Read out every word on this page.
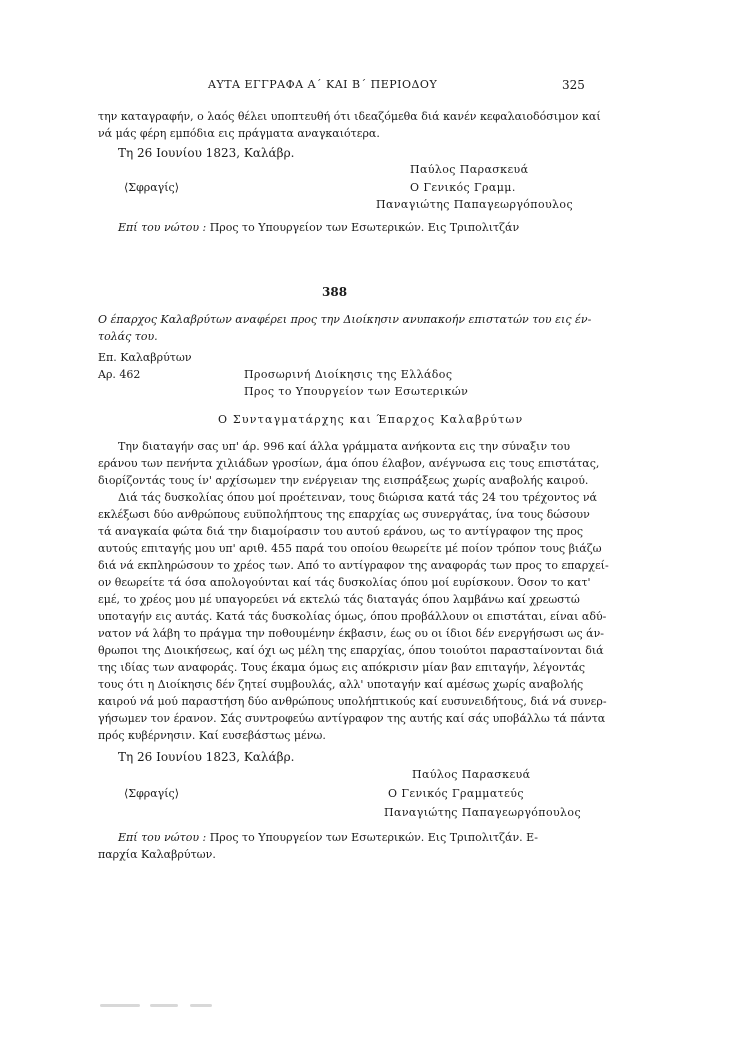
ΑΥΤΑ ΕΓΓΡΑΦΑ Α΄ ΚΑΙ Β΄ ΠΕΡΙΟΔΟΥ	325
την καταγραφήν, ο λαός θέλει υποπτευθή ότι ιδεαζόμεθα διά κανέν κεφαλαιοδόσιμον καί
νά μάς φέρη εμπόδια εις πράγματα αναγκαιότερα.
Τη 26 Ιουνίου 1823, Καλάβρ.
Παύλος Παρασκευά
⟨Σφραγίς⟩	Ο Γενικός Γραμμ.
Παναγιώτης Παπαγεωργόπουλος
Επί του νώτου : Προς το Υπουργείον των Εσωτερικών. Εις Τριπολιτζάν
388
Ο έπαρχος Καλαβρύτων αναφέρει προς την Διοίκησιν ανυπακοήν επιστατών του εις έν-
τολάς του.
Επ. Καλαβρύτων
Αρ. 462	Προσωρινή Διοίκησις της Ελλάδος
Προς το Υπουργείον των Εσωτερικών
Ο Συνταγματάρχης και Έπαρχος Καλαβρύτων
Την διαταγήν σας υπ' άρ. 996 καί άλλα γράμματα ανήκοντα εις την σύναξιν του
εράνου των πενήντα χιλιάδων γροσίων, άμα όπου έλαβον, ανέγνωσα εις τους επιστάτας,
διορίζοντάς τους ίν' αρχίσωμεν την ενέργειαν της εισπράξεως χωρίς αναβολής καιρού.
Διά τάς δυσκολίας όπου μοί προέτειναν, τους διώρισα κατά τάς 24 του τρέχοντος νά
εκλέξωσι δύο ανθρώπους ευϋπολήπτους της επαρχίας ως συνεργάτας, ίνα τους δώσουν
τά αναγκαία φώτα διά την διαμοίρασιν του αυτού εράνου, ως το αντίγραφον της προς
αυτούς επιταγής μου υπ' αριθ. 455 παρά του οποίου θεωρείτε μέ ποίον τρόπον τους βιάζω
διά νά εκπληρώσουν το χρέος των. Από το αντίγραφον της αναφοράς των προς το επαρχεί-
ον θεωρείτε τά όσα απολογούνται καί τάς δυσκολίας όπου μοί ευρίσκουν. Όσον το κατ'
εμέ, το χρέος μου μέ υπαγορεύει νά εκτελώ τάς διαταγάς όπου λαμβάνω καί χρεωστώ
υποταγήν εις αυτάς. Κατά τάς δυσκολίας όμως, όπου προβάλλουν οι επιστάται, είναι αδύ-
νατον νά λάβη το πράγμα την ποθουμένην έκβασιν, έως ου οι ίδιοι δέν ενεργήσωσι ως άν-
θρωποι της Διοικήσεως, καί όχι ως μέλη της επαρχίας, όπου τοιούτοι παρασταίνονται διά
της ιδίας των αναφοράς. Τους έκαμα όμως εις απόκρισιν μίαν βαν επιταγήν, λέγοντάς
τους ότι η Διοίκησις δέν ζητεί συμβουλάς, αλλ' υποταγήν καί αμέσως χωρίς αναβολής
καιρού νά μού παραστήση δύο ανθρώπους υπολήπτικούς καί ευσυνειδήτους, διά νά συνερ-
γήσωμεν τον έρανον. Σάς συντροφεύω αντίγραφον της αυτής καί σάς υποβάλλω τά πάντα
πρός κυβέρνησιν. Καί ευσεβάστως μένω.
Τη 26 Ιουνίου 1823, Καλάβρ.
Παύλος Παρασκευά
⟨Σφραγίς⟩	Ο Γενικός Γραμματεύς
Παναγιώτης Παπαγεωργόπουλος
Επί του νώτου : Προς το Υπουργείον των Εσωτερικών. Εις Τριπολιτζάν. Ε-
παρχία Καλαβρύτων.
